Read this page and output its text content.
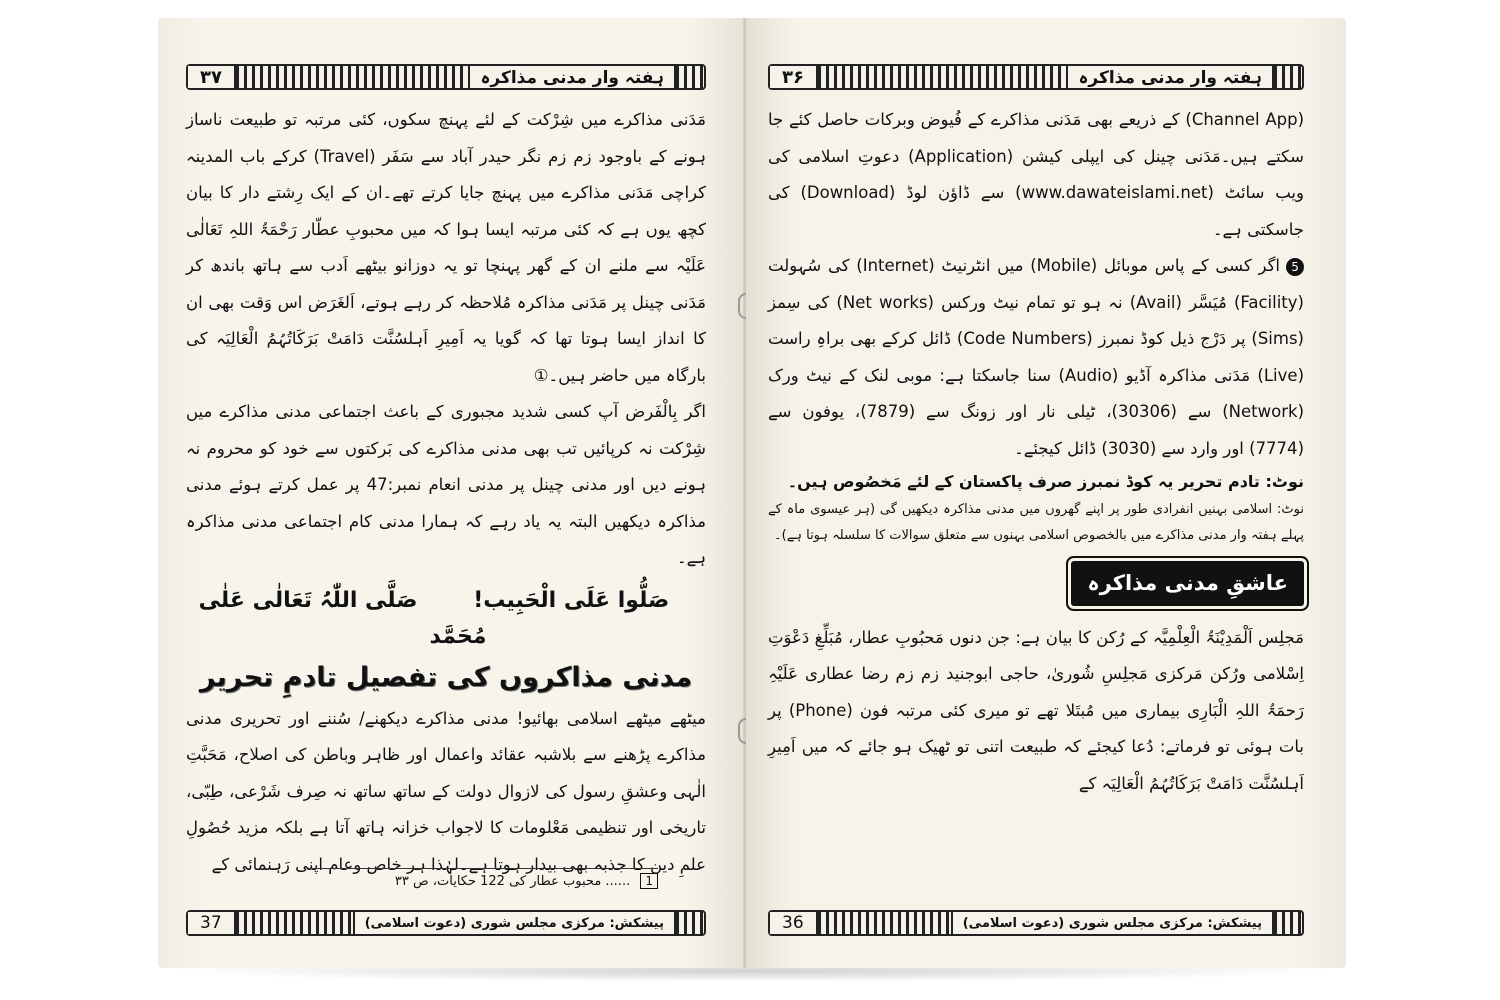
۳۷	ہفتہ وار مدنی مذاکرہ

مَدَنی مذاکرے میں شِرْکت کے لئے پہنچ سکوں، کئی مرتبہ تو طبیعت ناساز ہونے کے باوجود زم زم نگر حیدر آباد سے سَفَر (Travel) کرکے باب المدینہ کراچی مَدَنی مذاکرے میں پہنچ جایا کرتے تھے۔ان کے ایک رِشتے دار کا بیان کچھ یوں ہے کہ کئی مرتبہ ایسا ہوا کہ میں محبوبِ عطّار رَحْمَۃُ اللہِ تَعَالٰی عَلَیْہ سے ملنے ان کے گھر پہنچا تو یہ دوزانو بیٹھے اَدب سے ہاتھ باندھ کر مَدَنی چینل پر مَدَنی مذاکرہ مُلاحظہ کر رہے ہوتے، اَلغَرَض اس وَقت بھی ان کا انداز ایسا ہوتا تھا کہ گویا یہ اَمِیرِ اَہلسُنَّت دَامَتْ بَرَکَاتُہُمُ الْعَالِیَہ کی بارگاہ میں حاضر ہیں۔①

اگر بِالْفَرض آپ کسی شدید مجبوری کے باعث اجتماعی مدنی مذاکرے میں شِرْکت نہ کرپائیں تب بھی مدنی مذاکرے کی بَرکتوں سے خود کو محروم نہ ہونے دیں اور مدنی چینل پر مدنی انعام نمبر:47 پر عمل کرتے ہوئے مدنی مذاکرہ دیکھیں البتہ یہ یاد رہے کہ ہمارا مدنی کام اجتماعی مدنی مذاکرہ ہے۔

صَلُّوا عَلَی الْحَبِیب! صَلَّی اللّٰہُ تَعَالٰی عَلٰی مُحَمَّد
مدنی مذاکروں کی تفصیل تادمِ تحریر

میٹھے میٹھے اسلامی بھائیو! مدنی مذاکرے دیکھنے/ سُننے اور تحریری مدنی مذاکرے پڑھنے سے بلاشبہ عقائد واعمال اور ظاہر وباطن کی اصلاح، مَحَبَّتِ الٰہی وعشقِ رسول کی لازوال دولت کے ساتھ ساتھ نہ صِرف شَرْعی، طِبّی، تاریخی اور تنظیمی مَعْلومات کا لاجواب خزانہ ہاتھ آتا ہے بلکہ مزید حُصُولِ علمِ دین کا جذبہ بھی بیدار ہوتا ہے۔لہٰذا ہر خاص وعام اپنی رَہنمائی کے

1 ...... محبوب عطار کی 122 حکایات، ص ۳۳
37	پیشکش: مرکزی مجلس شوری (دعوت اسلامی)
۳۶	ہفتہ وار مدنی مذاکرہ

(Channel App) کے ذریعے بھی مَدَنی مذاکرے کے فُیوض وبرکات حاصل کئے جا سکتے ہیں۔مَدَنی چینل کی ایپلی کیشن (Application) دعوتِ اسلامی کی ویب سائٹ (www.dawateislami.net) سے ڈاؤن لوڈ (Download) کی جاسکتی ہے۔

5اگر کسی کے پاس موبائل (Mobile) میں انٹرنیٹ (Internet) کی سُہولت (Facility) مُیَسَّر (Avail) نہ ہو تو تمام نیٹ ورکس (Net works) کی سِمز (Sims) پر دَرْج ذیل کوڈ نمبرز (Code Numbers) ڈائل کرکے بھی براہِ راست (Live) مَدَنی مذاکرہ آڈیو (Audio) سنا جاسکتا ہے: موبی لنک کے نیٹ ورک (Network) سے (30306)، ٹیلی نار اور زونگ سے (7879)، یوفون سے (7774) اور وارد سے (3030) ڈائل کیجئے۔

نوٹ: تادم تحریر یہ کوڈ نمبرز صرف پاکستان کے لئے مَخصُوص ہیں۔
نوٹ: اسلامی بہنیں انفرادی طور پر اپنے گھروں میں مدنی مذاکرہ دیکھیں گی (ہر عیسوی ماہ کے پہلے ہفتہ وار مدنی مذاکرے میں بالخصوص اسلامی بہنوں سے متعلق سوالات کا سلسلہ ہوتا ہے)۔
عاشقِ مدنی مذاکرہ

مَجلِس اَلْمَدِیْنَۃُ الْعِلْمِیَّہ کے رُکن کا بیان ہے: جن دنوں مَحبُوبِ عطار، مُبَلِّغِ دَعْوَتِ اِسْلامی ورُکن مَرکزی مَجلِسِ شُوریٰ، حاجی ابوجنید زم زم رضا عطاری عَلَیْہِ رَحمَۃُ اللہِ الْبَارِی بیماری میں مُبتَلا تھے تو میری کئی مرتبہ فون (Phone) پر بات ہوئی تو فرماتے: دُعا کیجئے کہ طبیعت اتنی تو ٹھیک ہو جائے کہ میں اَمِیرِ اَہلسُنَّت دَامَتْ بَرَکَاتُہُمُ الْعَالِیَہ کے

36	پیشکش: مرکزی مجلس شوری (دعوت اسلامی)
